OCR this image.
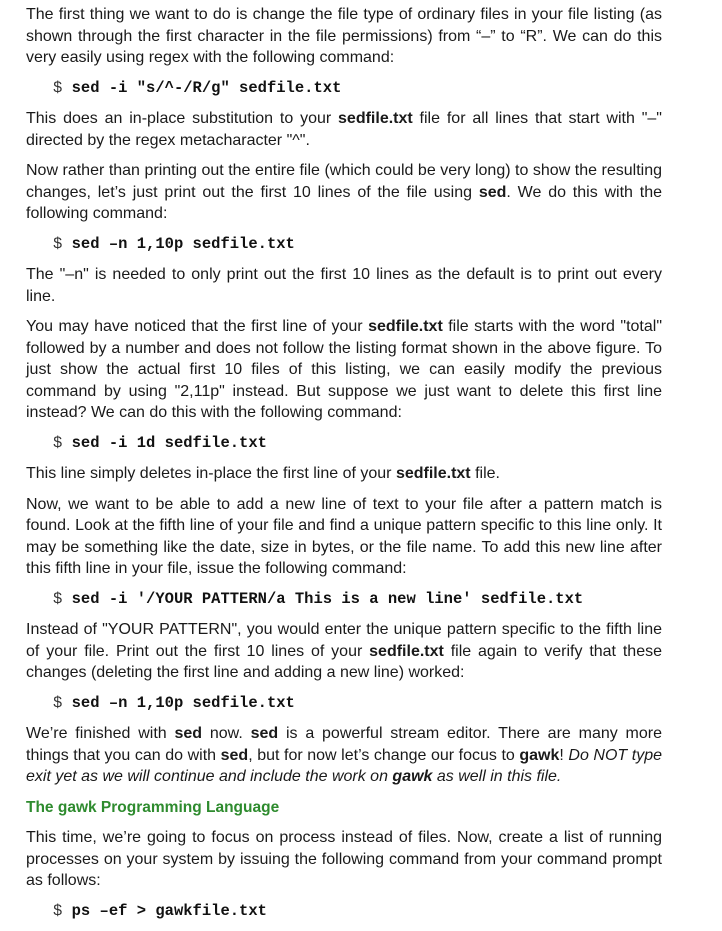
The first thing we want to do is change the file type of ordinary files in your file listing (as shown through the first character in the file permissions) from “–” to “R”. We can do this very easily using regex with the following command:

$ sed -i "s/^-/R/g" sedfile.txt

This does an in-place substitution to your sedfile.txt file for all lines that start with "–" directed by the regex metacharacter "^".

Now rather than printing out the entire file (which could be very long) to show the resulting changes, let’s just print out the first 10 lines of the file using sed. We do this with the following command:

$ sed –n 1,10p sedfile.txt

The "–n" is needed to only print out the first 10 lines as the default is to print out every line.

You may have noticed that the first line of your sedfile.txt file starts with the word "total" followed by a number and does not follow the listing format shown in the above figure. To just show the actual first 10 files of this listing, we can easily modify the previous command by using "2,11p" instead. But suppose we just want to delete this first line instead? We can do this with the following command:

$ sed -i 1d sedfile.txt

This line simply deletes in-place the first line of your sedfile.txt file.

Now, we want to be able to add a new line of text to your file after a pattern match is found. Look at the fifth line of your file and find a unique pattern specific to this line only. It may be something like the date, size in bytes, or the file name. To add this new line after this fifth line in your file, issue the following command:

$ sed -i '/YOUR PATTERN/a This is a new line' sedfile.txt

Instead of "YOUR PATTERN", you would enter the unique pattern specific to the fifth line of your file. Print out the first 10 lines of your sedfile.txt file again to verify that these changes (deleting the first line and adding a new line) worked:

$ sed –n 1,10p sedfile.txt

We’re finished with sed now. sed is a powerful stream editor. There are many more things that you can do with sed, but for now let’s change our focus to gawk! Do NOT type exit yet as we will continue and include the work on gawk as well in this file.

The gawk Programming Language

This time, we’re going to focus on process instead of files. Now, create a list of running processes on your system by issuing the following command from your command prompt as follows:

$ ps –ef > gawkfile.txt
